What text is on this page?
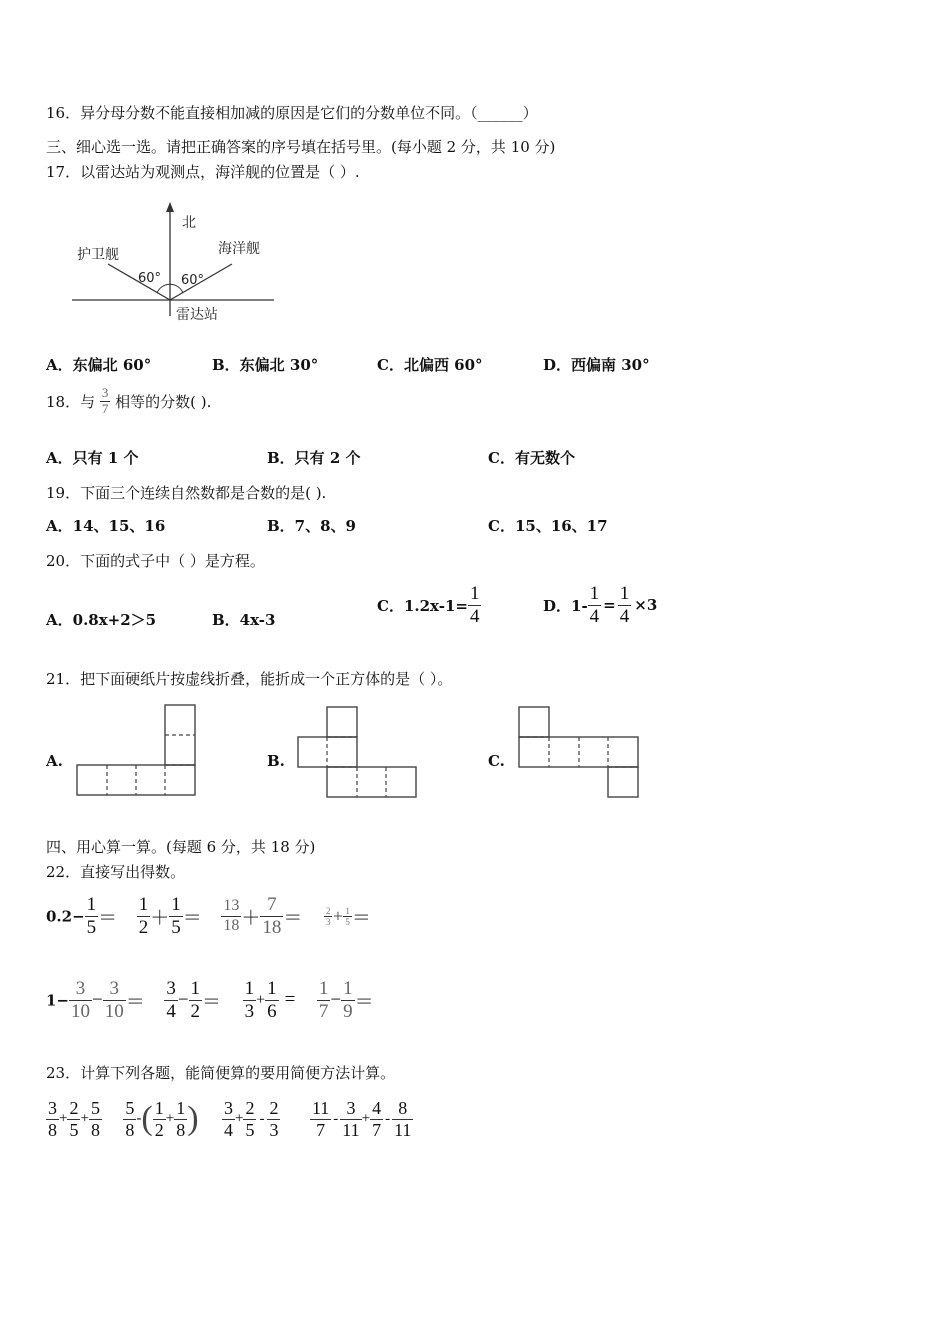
16．异分母分数不能直接相加减的原因是它们的分数单位不同。（______）
三、细心选一选。请把正确答案的序号填在括号里。(每小题 2 分，共 10 分)
17．以雷达站为观测点，海洋舰的位置是（ ）.
北
护卫舰	海洋舰
60° 60°
雷达站
A．东偏北 60°	B．东偏北 30°	C．北偏西 60°	D．西偏南 30°
18．与 $\frac{3}{7}$ 相等的分数( ).
A．只有 1 个	B．只有 2 个	C．有无数个
19．下面三个连续自然数都是合数的是( ).
A．14、15、16	B．7、8、9	C．15、16、17
20．下面的式子中（ ）是方程。
A．0.8x+2＞5	B．4x-3
C．$1.2x-1= \frac{1}{4}$	D．$1- \frac{1}{4} = \frac{1}{4} \times 3$
21．把下面硬纸片按虚线折叠，能折成一个正方体的是（ ）。
A.	B.	C.
四、用心算一算。(每题 6 分，共 18 分)
22．直接写出得数。
$0.2- \frac{1}{5} = \frac{1}{2} + \frac{1}{5} = \frac{13}{18} + \frac{7}{18} = \frac{2}{3} + \frac{1}{5}$ ＝
$1- \frac{3}{10} - \frac{3}{10} = \frac{3}{4} - \frac{1}{2} = \frac{1}{3} + \frac{1}{6} = \frac{1}{7} - \frac{1}{9}$ ＝
23．计算下列各题，能简便算的要用简便方法计算。
$\frac{3}{8} + \frac{2}{5} + \frac{5}{8}$
$\frac{5}{8}$ -( $\frac{1}{2} + \frac{1}{8}$ ) $\frac{3}{4} + \frac{2}{5} - \frac{2}{3}$
$\frac{11}{7} - \frac{3}{11} + \frac{4}{7} - \frac{8}{11}$
